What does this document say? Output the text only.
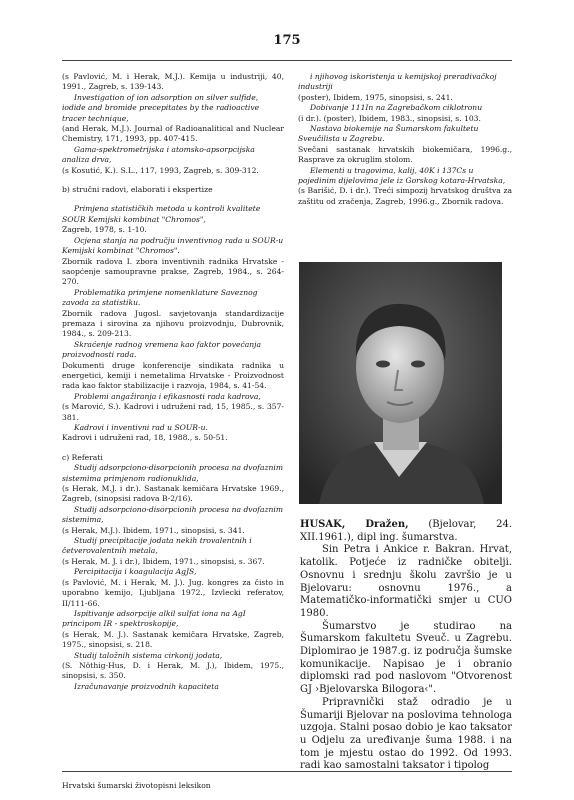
175

(s Pavlović, M. i Herak, M.J.). Kemija u industriji, 40, 1991., Zagreb, s. 139-143.

Investigation of ion adsorption on silver sulfide, iodide and bromide precepitates by the radioactive tracer technique,

(and Herak, M.J.). Journal of Radioanalitical and Nuclear Chemistry, 171, 1993, pp. 407-415.

Gama-spektrometrijska i atomsko-apsorpcijska analiza drva,

(s Kosutić, K.). S.L., 117, 1993, Zagreb, s. 309-312.

b) stručni radovi, elaborati i ekspertize

Primjena statističkih metoda u kontroli kvalitete SOUR Kemijski kombinat "Chromos",

Zagreb, 1978, s. 1-10.

Ocjena stanja na području inventivnog rada u SOUR-u Kemijski kombinat "Chromos".

Zbornik radova I. zbora inventivnih radnika Hrvatske - saopćenje samoupravne prakse, Zagreb, 1984., s. 264-270.

Problematika primjene nomenklature Saveznog zavoda za statistiku.

Zbornik radova Jugosl. savjetovanja standardizacije premaza i sirovina za njihovu proizvodnju, Dubrovnik, 1984., s. 209-213.

Skraćenje radnog vremena kao faktor povećanja proizvodnosti rada.

Dokumenti druge konferencije sindikata radnika u energetici, kemiji i nemetalima Hrvatske - Proizvodnost rada kao faktor stabilizacije i razvoja, 1984, s. 41-54.

Problemi angažiranja i efikasnosti rada kadrova,

(s Marović, S.). Kadrovi i udruženi rad, 15, 1985., s. 357-381.

Kadrovi i inventivni rad u SOUR-u.

Kadrovi i udruženi rad, 18, 1988., s. 50-51.

c) Referati

Studij adsorpciono-disorpcionih procesa na dvofaznim sistemima primjenom radionuklida,

(s Herak, M.J. i dr.). Sastanak kemičara Hrvatske 1969., Zagreb, (sinopsisi radova B-2/16).

Studij adsorpciono-disorpcionih procesa na dvofaznim sistemima,

(s Herak, M.J.). Ibidem, 1971., sinopsisi, s. 341.

Studij precipitacije jodata nekih trovalentnih i četverovalentnih metala,

(s Herak, M. J. i dr.), Ibidem, 1971., sinopsisi, s. 367.

Percipitacija i koagulacija AgJS,

(s Pavlović, M. i Herak, M. J.). Jug. kongres za čisto in uporabno kemijo, Ljubljana 1972., Izvlecki referatov, II/111-66.

Ispitivanje adsorpcije alkil sulfat iona na AgI principom IR - spektroskopije,

(s Herak, M. J.). Sastanak kemičara Hrvatske, Zagreb, 1975., sinopsisi, s. 218.

Studij taložnih sistema cirkonij jodata,

(S. Nöthig-Hus, D. i Herak, M. J.), Ibidem, 1975., sinopsisi, s. 350.

Izračunavanje proizvodnih kapaciteta

i njihovog iskoristenja u kemijskoj preradivačkoj industriji

(poster), Ibidem, 1975, sinopsisi, s. 241.

Dobivanje 111In na Zagrebačkom ciklotronu

(i dr.). (poster), Ibidem, 1983., sinopsisi, s. 103.

Nastava biokemije na Šumarskom fakultetu Sveučilista u Zagrebu.

Svečani sastanak hrvatskih biokemičara, 1996.g., Rasprave za okruglim stolom.

Elementi u tragovima, kalij, 40K i 137Cs u pojedinim dijelovima jele iz Gorskog kotara-Hrvatska,

(s Barišić, D. i dr.). Treći simpozij hrvatskog društva za zaštitu od zračenja, Zagreb, 1996.g., Zbornik radova.

HUSAK, Dražen, (Bjelovar, 24. XII.1961.), dipl ing. šumarstva.

Sin Petra i Ankice r. Bakran. Hrvat, katolik. Potjeće iz radničke obitelji. Osnovnu i srednju školu završio je u Bjelovaru: osnovnu 1976., a Matematičko-informatički smjer u CUO 1980.

Šumarstvo je studirao na Šumarskom fakultetu Sveuč. u Zagrebu. Diplomirao je 1987.g. iz područja šumske komunikacije. Napisao je i obranio diplomski rad pod naslovom "Otvorenost GJ ›Bjelovarska Bilogora‹".

Pripravnički staž odradio je u Šumariji Bjelovar na poslovima tehnologa uzgoja. Stalni posao dobio je kao taksator u Odjelu za uređivanje šuma 1988. i na tom je mjestu ostao do 1992. Od 1993. radi kao samostalni taksator i tipolog

Hrvatski šumarski životopisni leksikon
